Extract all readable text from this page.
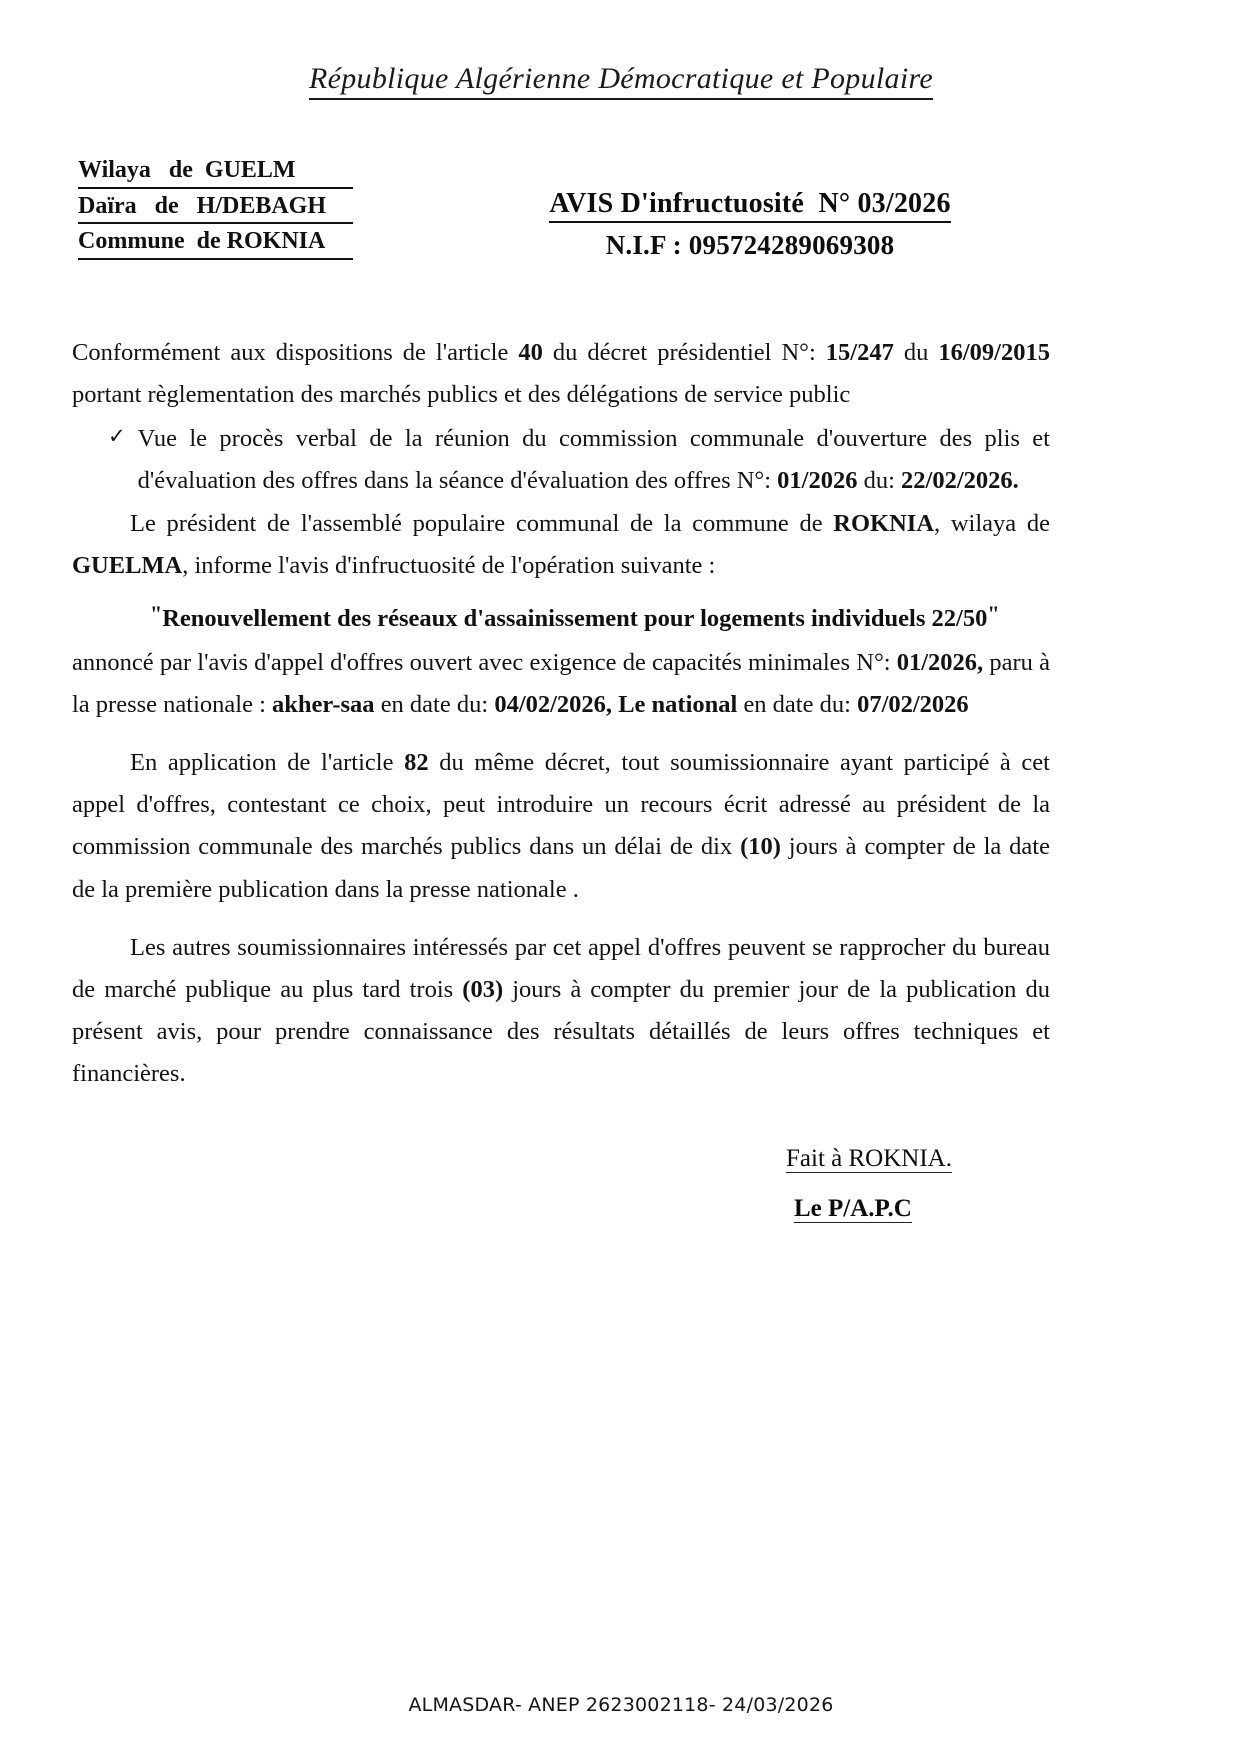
République Algérienne Démocratique et Populaire
Wilaya   de  GUELM
Daïra   de   H/DEBAGH
Commune  de ROKNIA
AVIS D'infructuosité  N° 03/2026
N.I.F : 095724289069308

Conformément aux dispositions de l'article 40 du décret présidentiel N°: 15/247 du 16/09/2015 portant règlementation des marchés publics et des délégations de service public

✓ Vue le procès verbal de la réunion du commission communale d'ouverture des plis et d'évaluation des offres dans la séance d'évaluation des offres N°: 01/2026 du: 22/02/2026.

Le président de l'assemblé populaire communal de la commune de ROKNIA, wilaya de GUELMA, informe l'avis d'infructuosité de l'opération suivante :

"Renouvellement des réseaux d'assainissement pour logements individuels 22/50"

annoncé par l'avis d'appel d'offres ouvert avec exigence de capacités minimales N°: 01/2026, paru à la presse nationale : akher-saa en date du: 04/02/2026, Le national en date du: 07/02/2026

En application de l'article 82 du même décret, tout soumissionnaire ayant participé à cet appel d'offres, contestant ce choix, peut introduire un recours écrit adressé au président de la commission communale des marchés publics dans un délai de dix (10) jours à compter de la date de la première publication dans la presse nationale .

Les autres soumissionnaires intéressés par cet appel d'offres peuvent se rapprocher du bureau de marché publique au plus tard trois (03) jours à compter du premier jour de la publication du présent avis, pour prendre connaissance des résultats détaillés de leurs offres techniques et financières.

Fait à ROKNIA.
Le P/A.P.C
ALMASDAR- ANEP 2623002118- 24/03/2026
